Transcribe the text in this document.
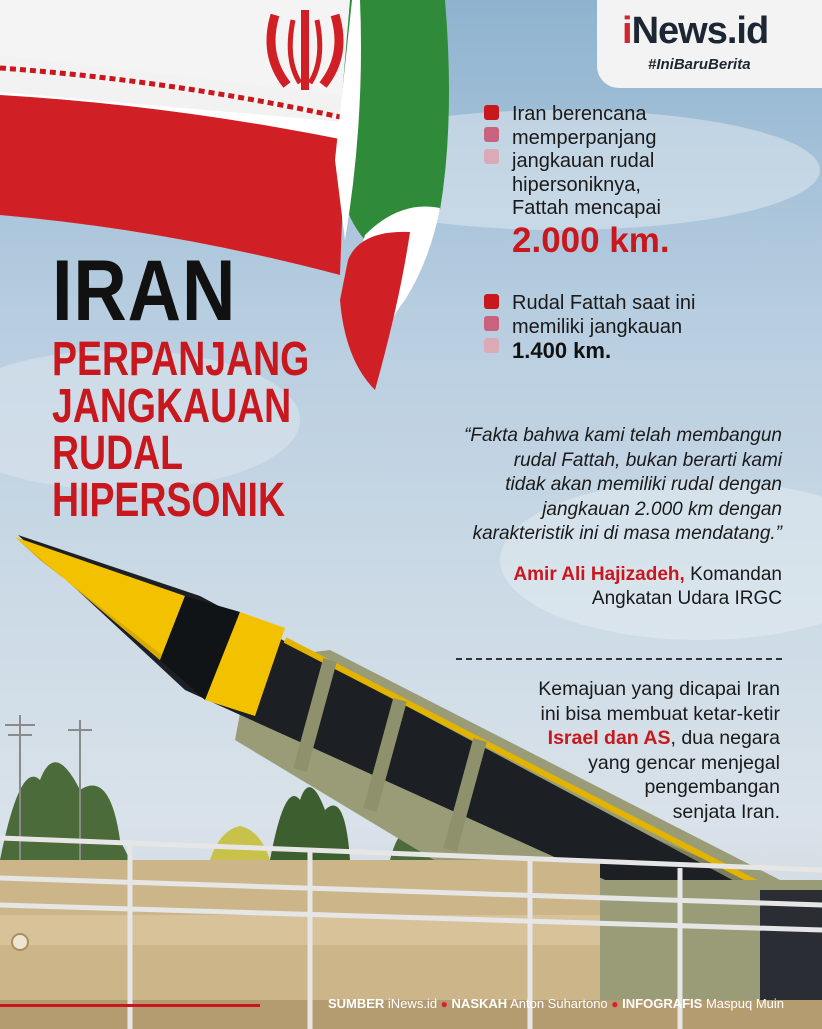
iNews.id
#IniBaruBerita
IRAN
PERPANJANG
JANGKAUAN
RUDAL
HIPERSONIK
Iran berencana
memperpanjang
jangkauan rudal
hipersoniknya,
Fattah mencapai
2.000 km.
Rudal Fattah saat ini
memiliki jangkauan
1.400 km.
“Fakta bahwa kami telah membangun
rudal Fattah, bukan berarti kami
tidak akan memiliki rudal dengan
jangkauan 2.000 km dengan
karakteristik ini di masa mendatang.”
Amir Ali Hajizadeh, Komandan
Angkatan Udara IRGC
Kemajuan yang dicapai Iran
ini bisa membuat ketar-ketir
Israel dan AS, dua negara
yang gencar menjegal
pengembangan
senjata Iran.
SUMBER iNews.id ● NASKAH Anton Suhartono ● INFOGRAFIS Maspuq Muin
